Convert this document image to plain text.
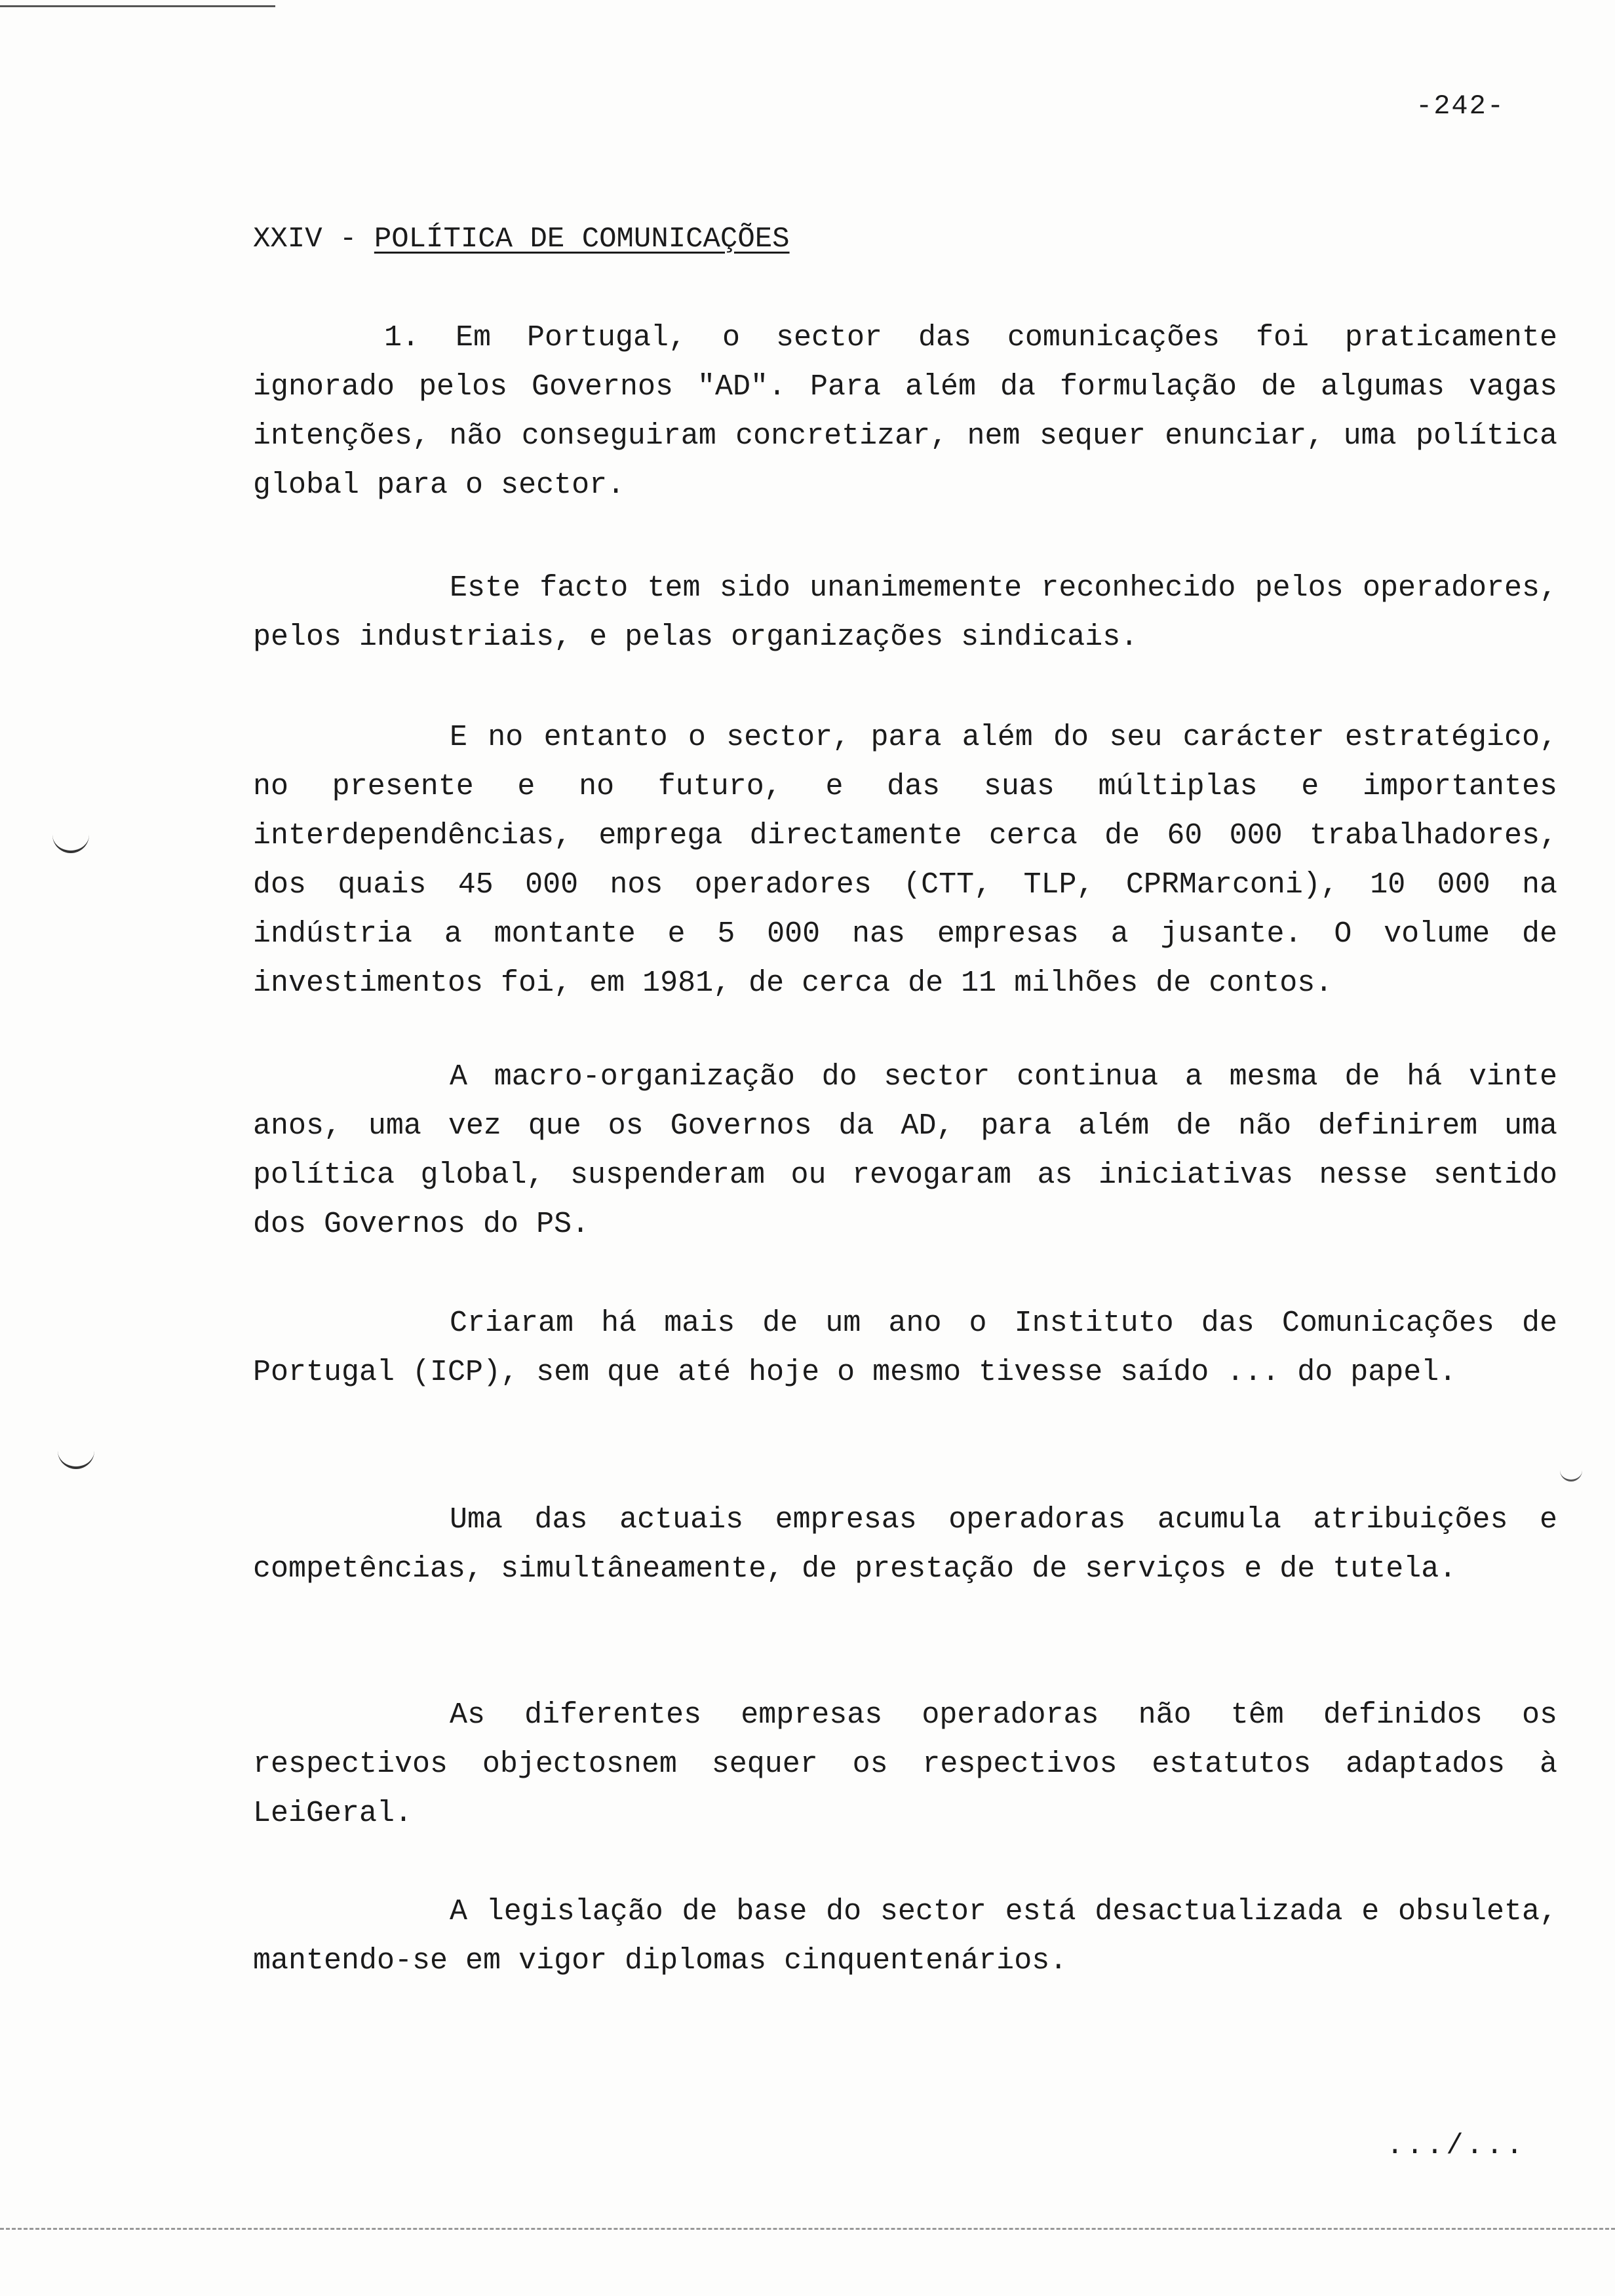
-242-
XXIV - POLÍTICA DE COMUNICAÇÕES

1. Em Portugal, o sector das comunicações foi praticamente ignorado pelos Governos "AD". Para além da formulação de algumas vagas intenções, não conseguiram concretizar, nem sequer enunciar, uma política global para o sector.

Este facto tem sido unanimemente reconhecido pelos operadores, pelos industriais, e pelas organizações sindicais.

E no entanto o sector, para além do seu carácter estratégico, no presente e no futuro, e das suas múltiplas e importantes interdependências, emprega directamente cerca de 60 000 trabalhadores, dos quais 45 000 nos operadores (CTT, TLP, CPRMarconi), 10 000 na indústria a montante e 5 000 nas empresas a jusante. O volume de investimentos foi, em 1981, de cerca de 11 milhões de contos.

A macro-organização do sector continua a mesma de há vinte anos, uma vez que os Governos da AD, para além de não definirem uma política global, suspenderam ou revogaram as iniciativas nesse sentido dos Governos do PS.

Criaram há mais de um ano o Instituto das Comunicações de Portugal (ICP), sem que até hoje o mesmo tivesse saído ... do papel.

Uma das actuais empresas operadoras acumula atribuições e competências, simultâneamente, de prestação de serviços e de tutela.

As diferentes empresas operadoras não têm definidos os respectivos objectosnem sequer os respectivos estatutos adaptados à LeiGeral.

A legislação de base do sector está desactualizada e obsuleta, mantendo-se em vigor diplomas cinquentenários.

.../...
